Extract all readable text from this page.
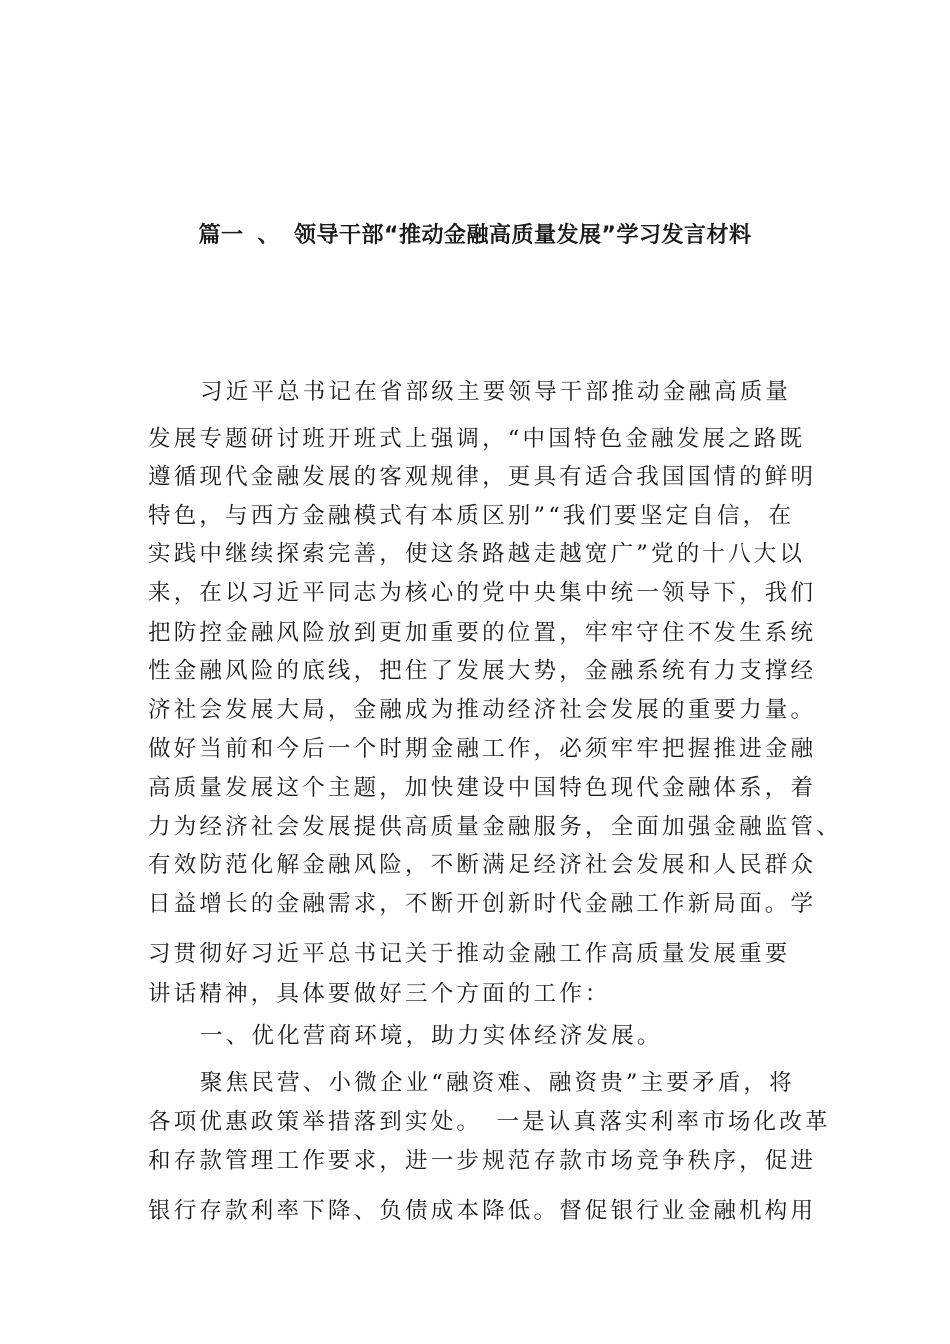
篇一 、 领导干部“推动金融高质量发展”学习发言材料
习近平总书记在省部级主要领导干部推动金融高质量
发展专题研讨班开班式上强调，“中国特色金融发展之路既
遵循现代金融发展的客观规律，更具有适合我国国情的鲜明
特色，与西方金融模式有本质区别”“我们要坚定自信，在
实践中继续探索完善，使这条路越走越宽广”党的十八大以
来，在以习近平同志为核心的党中央集中统一领导下，我们
把防控金融风险放到更加重要的位置，牢牢守住不发生系统
性金融风险的底线，把住了发展大势，金融系统有力支撑经
济社会发展大局，金融成为推动经济社会发展的重要力量。
做好当前和今后一个时期金融工作，必须牢牢把握推进金融
高质量发展这个主题，加快建设中国特色现代金融体系，着
力为经济社会发展提供高质量金融服务，全面加强金融监管、
有效防范化解金融风险，不断满足经济社会发展和人民群众
日益增长的金融需求，不断开创新时代金融工作新局面。学
习贯彻好习近平总书记关于推动金融工作高质量发展重要
讲话精神，具体要做好三个方面的工作：
一、优化营商环境，助力实体经济发展。
聚焦民营、小微企业“融资难、融资贵”主要矛盾，将
各项优惠政策举措落到实处。　一是认真落实利率市场化改革
和存款管理工作要求，进一步规范存款市场竞争秩序，促进
银行存款利率下降、负债成本降低。督促银行业金融机构用
